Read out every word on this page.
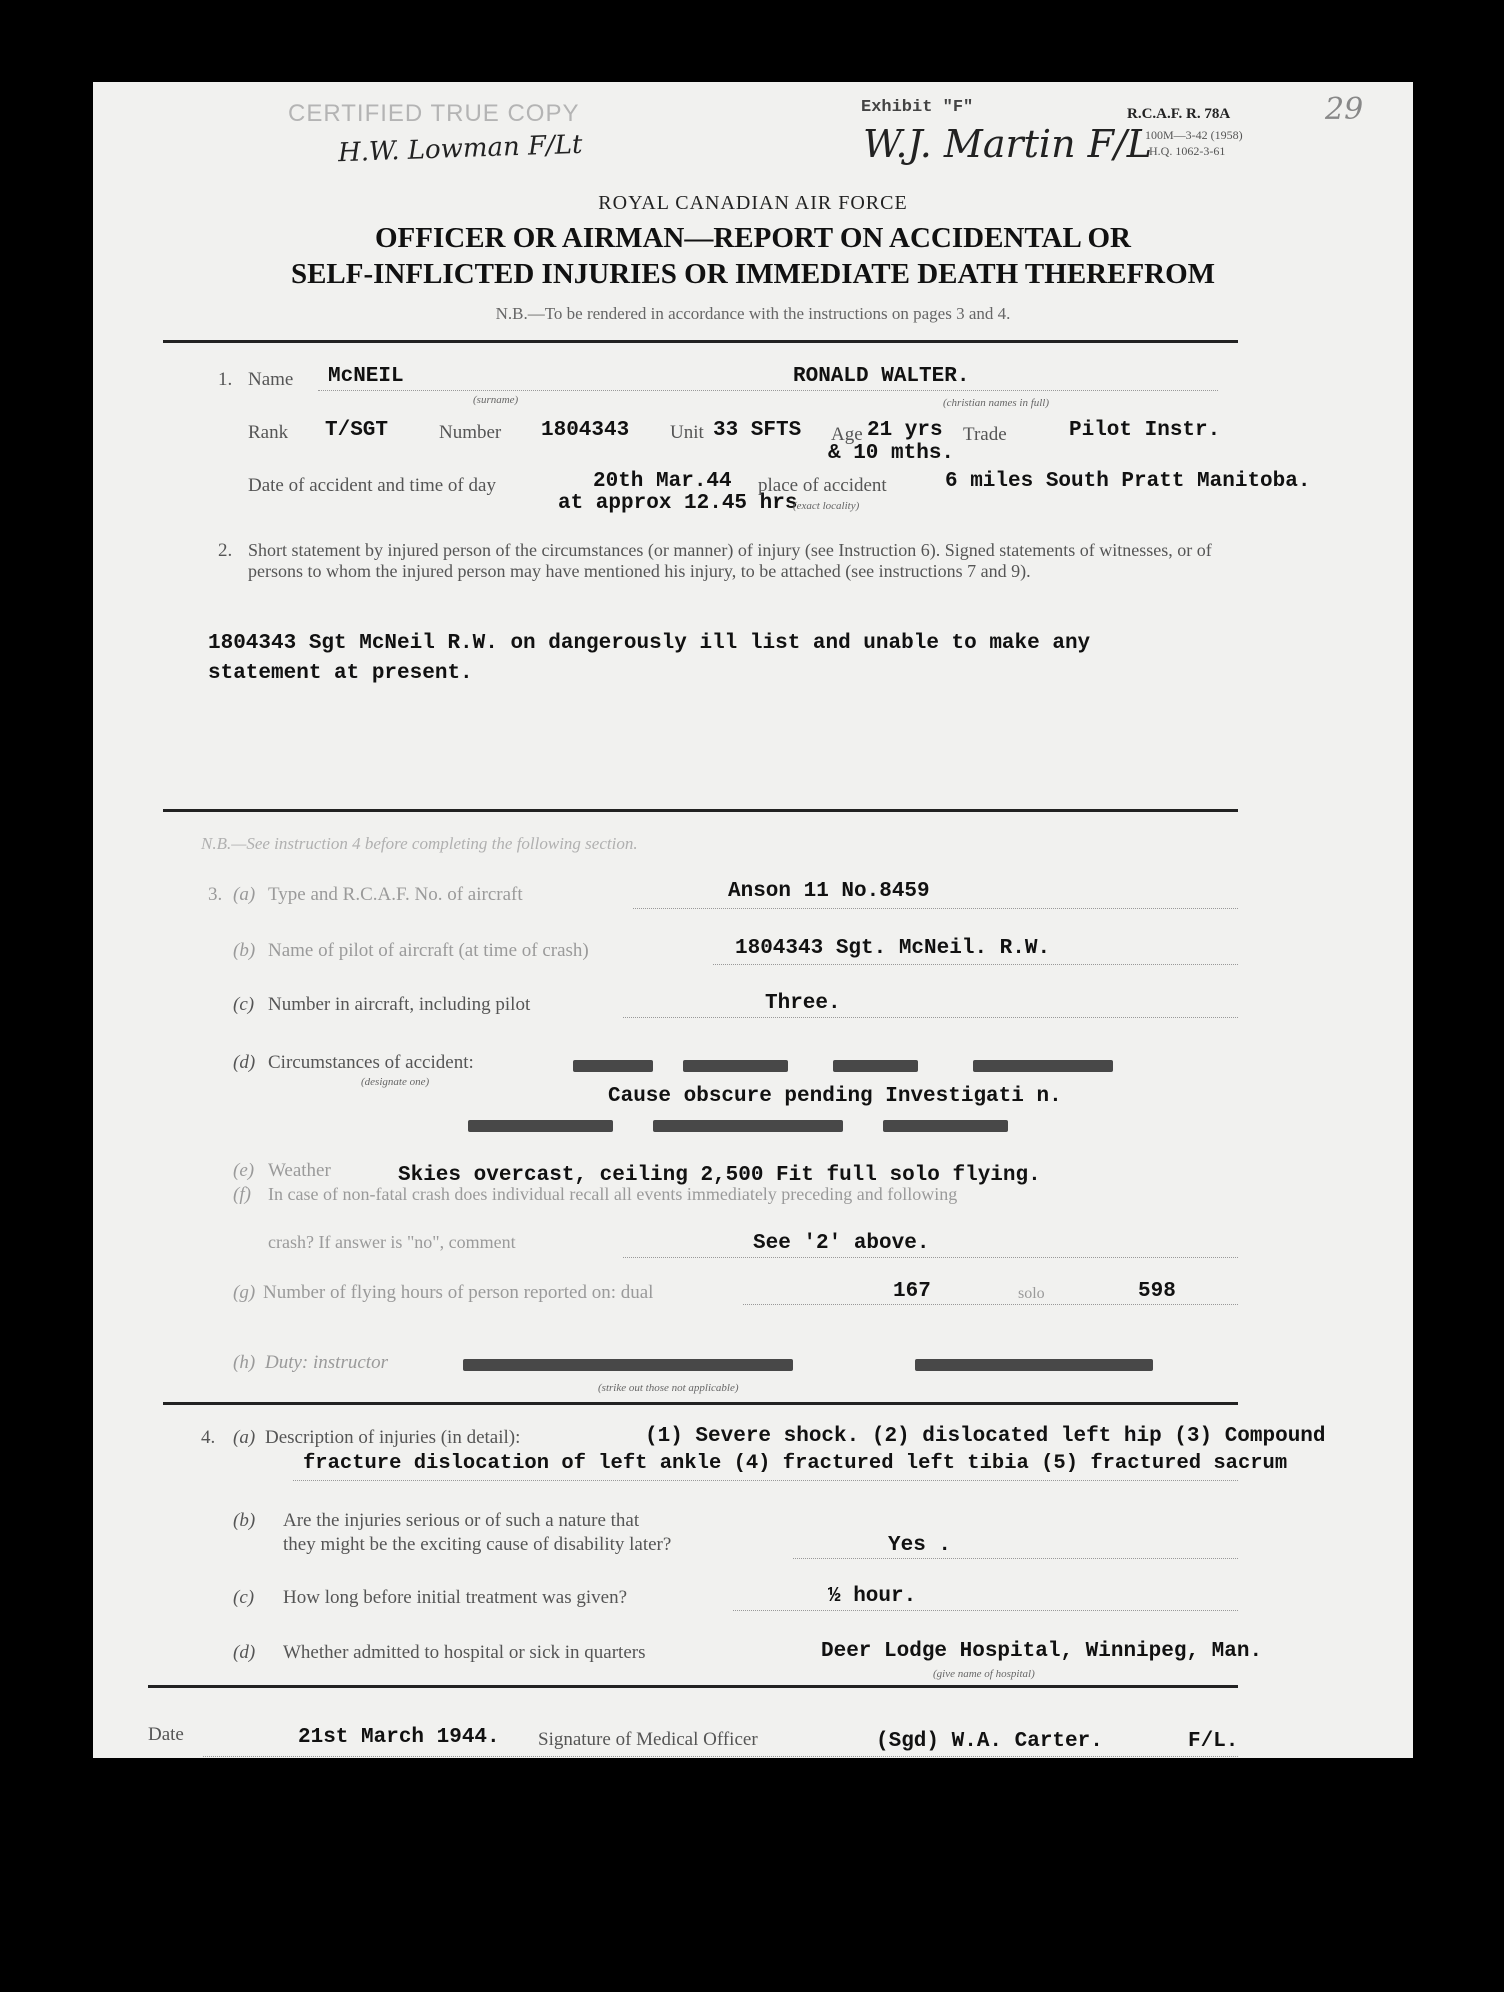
CERTIFIED TRUE COPY
H.W. Lowman F/Lt
Exhibit "F"
W.J. Martin F/L
29
R.C.A.F. R. 78A
100M—3-42 (1958)
H.Q. 1062-3-61
ROYAL CANADIAN AIR FORCE
OFFICER OR AIRMAN—REPORT ON ACCIDENTAL OR
SELF-INFLICTED INJURIES OR IMMEDIATE DEATH THEREFROM
N.B.—To be rendered in accordance with the instructions on pages 3 and 4.
1. Name McNEIL
(surname)
RONALD WALTER.
(christian names in full)
Rank T/SGT	Number 1804343 Unit 33 SFTS Age 21 yrs
& 10 mths.
Trade	Pilot Instr.
Date of accident and time of day	20th Mar.44
at approx 12.45 hrs
place of accident	6 miles South Pratt Manitoba.
(exact locality)
2. Short statement by injured person of the circumstances (or manner) of injury (see Instruction 6). Signed statements of witnesses, or of persons to whom the injured person may have mentioned his injury, to be attached (see instructions 7 and 9).
1804343 Sgt McNeil R.W. on dangerously ill list and unable to make any
statement at present.
N.B.—See instruction 4 before completing the following section.
3. (a) Type and R.C.A.F. No. of aircraft	Anson 11 No.8459
(b) Name of pilot of aircraft (at time of crash)	1804343 Sgt. McNeil. R.W.
(c) Number in aircraft, including pilot	Three.
(d) Circumstances of accident:
(designate one)
Cause obscure pending Investigati n.
(e) Weather	Skies overcast, ceiling 2,500 Fit full solo flying.
(f) In case of non-fatal crash does individual recall all events immediately preceding and following
crash? If answer is "no", comment	See '2' above.
(g) Number of flying hours of person reported on: dual	167	solo	598
(h) Duty: instructor
(strike out those not applicable)
4. (a) Description of injuries (in detail):	(1) Severe shock. (2) dislocated left hip (3) Compound
fracture dislocation of left ankle (4) fractured left tibia (5) fractured sacrum
(b) Are the injuries serious or of such a nature that
they might be the exciting cause of disability later?	Yes .
(c) How long before initial treatment was given?	½ hour.
(d) Whether admitted to hospital or sick in quarters	Deer Lodge Hospital, Winnipeg, Man.
(give name of hospital)
Date	21st March 1944. Signature of Medical Officer	(Sgd) W.A. Carter.	F/L.
